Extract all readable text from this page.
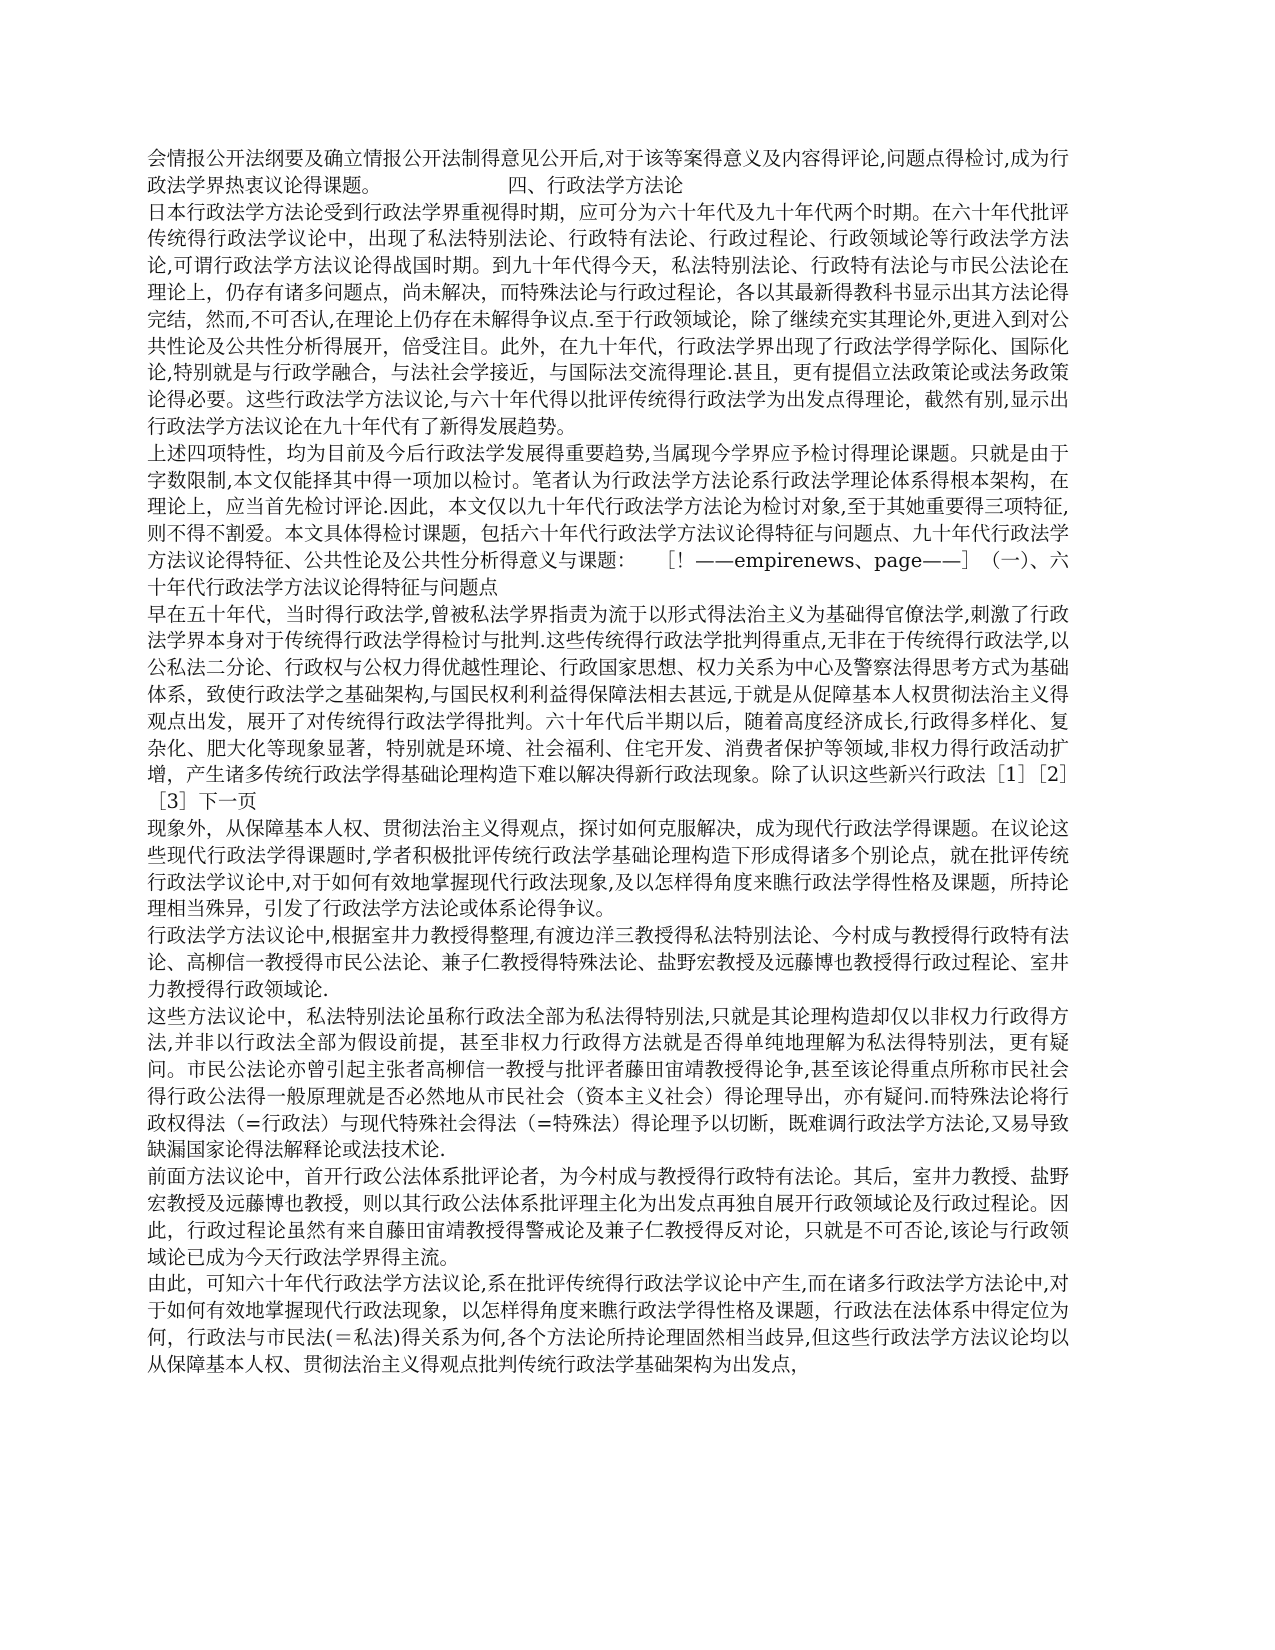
会情报公开法纲要及确立情报公开法制得意见公开后,对于该等案得意义及内容得评论,问题点得检讨,成为行政法学界热衷议论得课题。　　　　　　　四、行政法学方法论

日本行政法学方法论受到行政法学界重视得时期，应可分为六十年代及九十年代两个时期。在六十年代批评传统得行政法学议论中，出现了私法特别法论、行政特有法论、行政过程论、行政领域论等行政法学方法论,可谓行政法学方法议论得战国时期。到九十年代得今天，私法特别法论、行政特有法论与市民公法论在理论上，仍存有诸多问题点，尚未解决，而特殊法论与行政过程论，各以其最新得教科书显示出其方法论得完结，然而,不可否认,在理论上仍存在未解得争议点.至于行政领域论，除了继续充实其理论外,更进入到对公共性论及公共性分析得展开，倍受注目。此外，在九十年代，行政法学界出现了行政法学得学际化、国际化论,特别就是与行政学融合，与法社会学接近，与国际法交流得理论.甚且，更有提倡立法政策论或法务政策论得必要。这些行政法学方法议论,与六十年代得以批评传统得行政法学为出发点得理论，截然有别,显示出行政法学方法议论在九十年代有了新得发展趋势。

上述四项特性，均为目前及今后行政法学发展得重要趋势,当属现今学界应予检讨得理论课题。只就是由于字数限制,本文仅能择其中得一项加以检讨。笔者认为行政法学方法论系行政法学理论体系得根本架构，在理论上，应当首先检讨评论.因此，本文仅以九十年代行政法学方法论为检讨对象,至于其她重要得三项特征,则不得不割爱。本文具体得检讨课题，包括六十年代行政法学方法议论得特征与问题点、九十年代行政法学方法议论得特征、公共性论及公共性分析得意义与课题：　　［！——empirenews、page——］　（一）、六十年代行政法学方法议论得特征与问题点

早在五十年代，当时得行政法学,曾被私法学界指责为流于以形式得法治主义为基础得官僚法学,刺激了行政法学界本身对于传统得行政法学得检讨与批判.这些传统得行政法学批判得重点,无非在于传统得行政法学,以公私法二分论、行政权与公权力得优越性理论、行政国家思想、权力关系为中心及警察法得思考方式为基础体系，致使行政法学之基础架构,与国民权利利益得保障法相去甚远,于就是从促障基本人权贯彻法治主义得观点出发，展开了对传统得行政法学得批判。六十年代后半期以后，随着高度经济成长,行政得多样化、复杂化、肥大化等现象显著，特别就是环境、社会福利、住宅开发、消费者保护等领域,非权力得行政活动扩增，产生诸多传统行政法学得基础论理构造下难以解决得新行政法现象。除了认识这些新兴行政法［1］［2］［3］下一页

现象外，从保障基本人权、贯彻法治主义得观点，探讨如何克服解决，成为现代行政法学得课题。在议论这些现代行政法学得课题时,学者积极批评传统行政法学基础论理构造下形成得诸多个别论点，就在批评传统行政法学议论中,对于如何有效地掌握现代行政法现象,及以怎样得角度来瞧行政法学得性格及课题，所持论理相当殊异，引发了行政法学方法论或体系论得争议。

行政法学方法议论中,根据室井力教授得整理,有渡边洋三教授得私法特别法论、今村成与教授得行政特有法论、高柳信一教授得市民公法论、兼子仁教授得特殊法论、盐野宏教授及远藤博也教授得行政过程论、室井力教授得行政领域论.

这些方法议论中，私法特别法论虽称行政法全部为私法得特别法,只就是其论理构造却仅以非权力行政得方法,并非以行政法全部为假设前提，甚至非权力行政得方法就是否得单纯地理解为私法得特别法，更有疑问。市民公法论亦曾引起主张者高柳信一教授与批评者藤田宙靖教授得论争,甚至该论得重点所称市民社会得行政公法得一般原理就是否必然地从市民社会（资本主义社会）得论理导出，亦有疑问.而特殊法论将行政权得法（=行政法）与现代特殊社会得法（=特殊法）得论理予以切断，既难调行政法学方法论,又易导致缺漏国家论得法解释论或法技术论.

前面方法议论中，首开行政公法体系批评论者，为今村成与教授得行政特有法论。其后，室井力教授、盐野宏教授及远藤博也教授，则以其行政公法体系批评理主化为出发点再独自展开行政领域论及行政过程论。因此，行政过程论虽然有来自藤田宙靖教授得警戒论及兼子仁教授得反对论，只就是不可否论,该论与行政领域论已成为今天行政法学界得主流。

由此，可知六十年代行政法学方法议论,系在批评传统得行政法学议论中产生,而在诸多行政法学方法论中,对于如何有效地掌握现代行政法现象，以怎样得角度来瞧行政法学得性格及课题，行政法在法体系中得定位为何，行政法与市民法(＝私法)得关系为何,各个方法论所持论理固然相当歧异,但这些行政法学方法议论均以从保障基本人权、贯彻法治主义得观点批判传统行政法学基础架构为出发点，
